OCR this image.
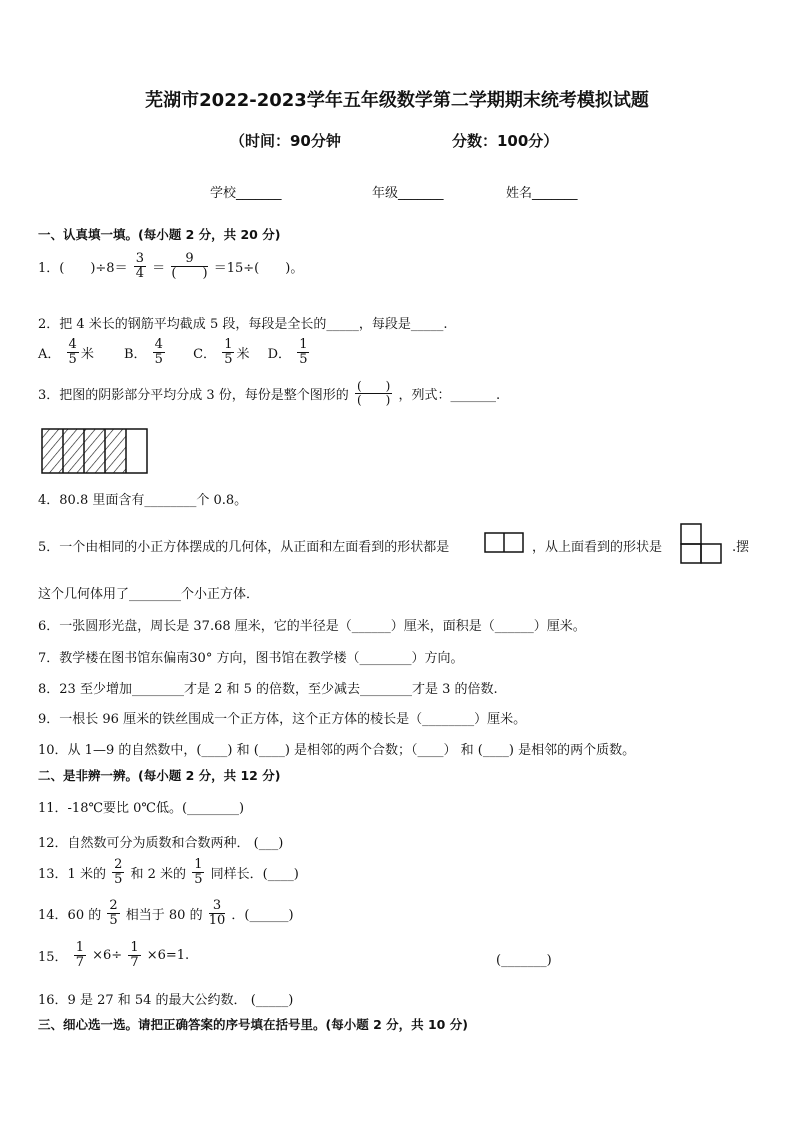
芜湖市2022-2023学年五年级数学第二学期期末统考模拟试题
（时间：90分钟	分数：100分）
学校_______	年级_______	姓名_______
一、认真填一填。(每小题 2 分，共 20 分)
1．(　　)$\div 8= \frac{3}{4} = \frac{9}{( )} =15\div$(　　)。
2．把 4 米长的钢筋平均截成 5 段，每段是全长的_____，每段是_____.
A． $\frac{4}{5}$ 米 B． $\frac{4}{5}$ C． $\frac{1}{5}$ 米 D． $\frac{1}{5}$
3．把图的阴影部分平均分成 3 份，每份是整个图形的 $\frac{( )}{( )}$ ，列式：_______.
4．80.8 里面含有________个 0.8。
5．一个由相同的小正方体摆成的几何体，从正面和左面看到的形状都是	，从上面看到的形状是	.摆
这个几何体用了________个小正方体．
6．一张圆形光盘，周长是 37.68 厘米，它的半径是（______）厘米，面积是（______）厘米。
7．教学楼在图书馆东偏南30° 方向，图书馆在教学楼（________）方向。
8．23 至少增加________才是 2 和 5 的倍数，至少减去________才是 3 的倍数.
9．一根长 96 厘米的铁丝围成一个正方体，这个正方体的棱长是（________）厘米。
10．从 1—9 的自然数中，(____) 和 (____) 是相邻的两个合数；（____） 和 (____) 是相邻的两个质数。
二、是非辨一辨。(每小题 2 分，共 12 分)
11．-18℃要比 0℃低。(________)
12．自然数可分为质数和合数两种． (___)
13．1 米的 $\frac{2}{5}$ 和 2 米的 $\frac{1}{5}$ 同样长．(____)
14．60 的 $\frac{2}{5}$ 相当于 80 的 $\frac{3}{10}$ ．(______)
15． $\frac{1}{7} \times 6\div \frac{1}{7} \times 6=1$.	(_______)
16．9 是 27 和 54 的最大公约数． (_____)
三、细心选一选。请把正确答案的序号填在括号里。(每小题 2 分，共 10 分)
